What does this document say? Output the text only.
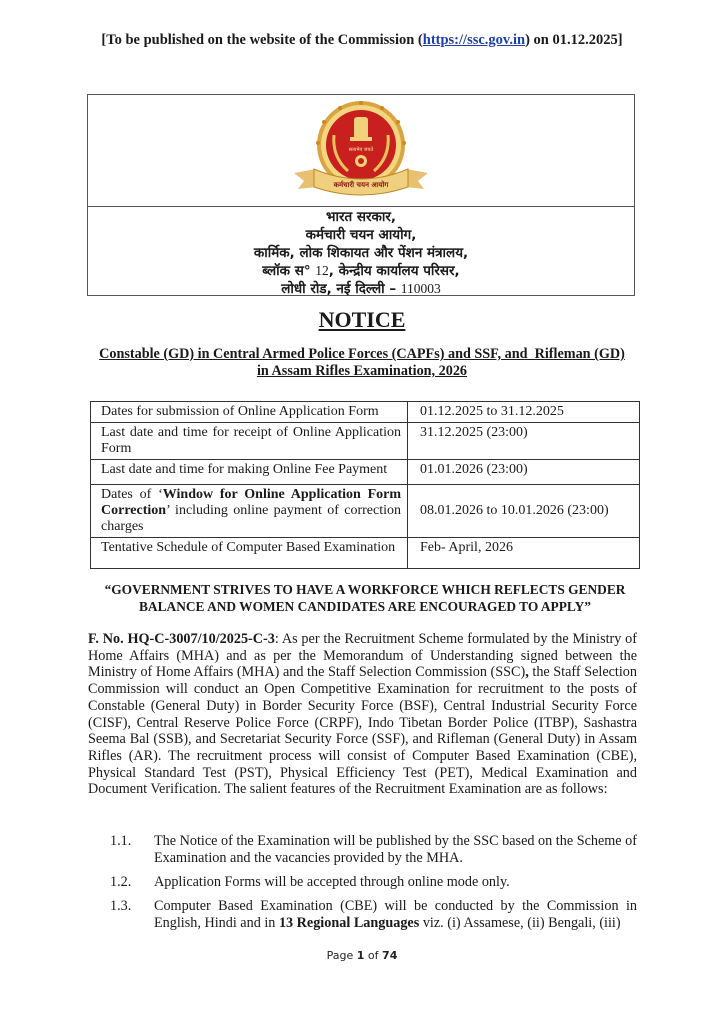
[To be published on the website of the Commission (https://ssc.gov.in) on 01.12.2025]
सत्यमेव जयते
कर्मचारी चयन आयोग
भारत सरकार,
कर्मचारी चयन आयोग,
कार्मिक, लोक शिकायत और पेंशन मंत्रालय,
ब्लॉक स° 12, केन्द्रीय कार्यालय परिसर,
लोधी रोड, नई दिल्ली – 110003
NOTICE
Constable (GD) in Central Armed Police Forces (CAPFs) and SSF, and  Rifleman (GD)
in Assam Rifles Examination, 2026
Dates for submission of Online Application Form	01.12.2025 to 31.12.2025
Last date and time for receipt of Online Application Form	31.12.2025 (23:00)
Last date and time for making Online Fee Payment	01.01.2026 (23:00)
Dates of ‘Window for Online Application Form Correction’ including online payment of correction charges	08.01.2026 to 10.01.2026 (23:00)
Tentative Schedule of Computer Based Examination	Feb- April, 2026
“GOVERNMENT STRIVES TO HAVE A WORKFORCE WHICH REFLECTS GENDER BALANCE AND WOMEN CANDIDATES ARE ENCOURAGED TO APPLY”
F. No. HQ-C-3007/10/2025-C-3: As per the Recruitment Scheme formulated by the Ministry of Home Affairs (MHA) and as per the Memorandum of Understanding signed between the Ministry of Home Affairs (MHA) and the Staff Selection Commission (SSC), the Staff Selection Commission will conduct an Open Competitive Examination for recruitment to the posts of Constable (General Duty) in Border Security Force (BSF), Central Industrial Security Force (CISF), Central Reserve Police Force (CRPF), Indo Tibetan Border Police (ITBP), Sashastra Seema Bal (SSB), and Secretariat Security Force (SSF), and Rifleman (General Duty) in Assam Rifles (AR). The recruitment process will consist of Computer Based Examination (CBE), Physical Standard Test (PST), Physical Efficiency Test (PET), Medical Examination and Document Verification. The salient features of the Recruitment Examination are as follows:
1.1. The Notice of the Examination will be published by the SSC based on the Scheme of Examination and the vacancies provided by the MHA.
1.2. Application Forms will be accepted through online mode only.
1.3. Computer Based Examination (CBE) will be conducted by the Commission in English, Hindi and in 13 Regional Languages viz. (i) Assamese, (ii) Bengali, (iii)
Page 1 of 74
